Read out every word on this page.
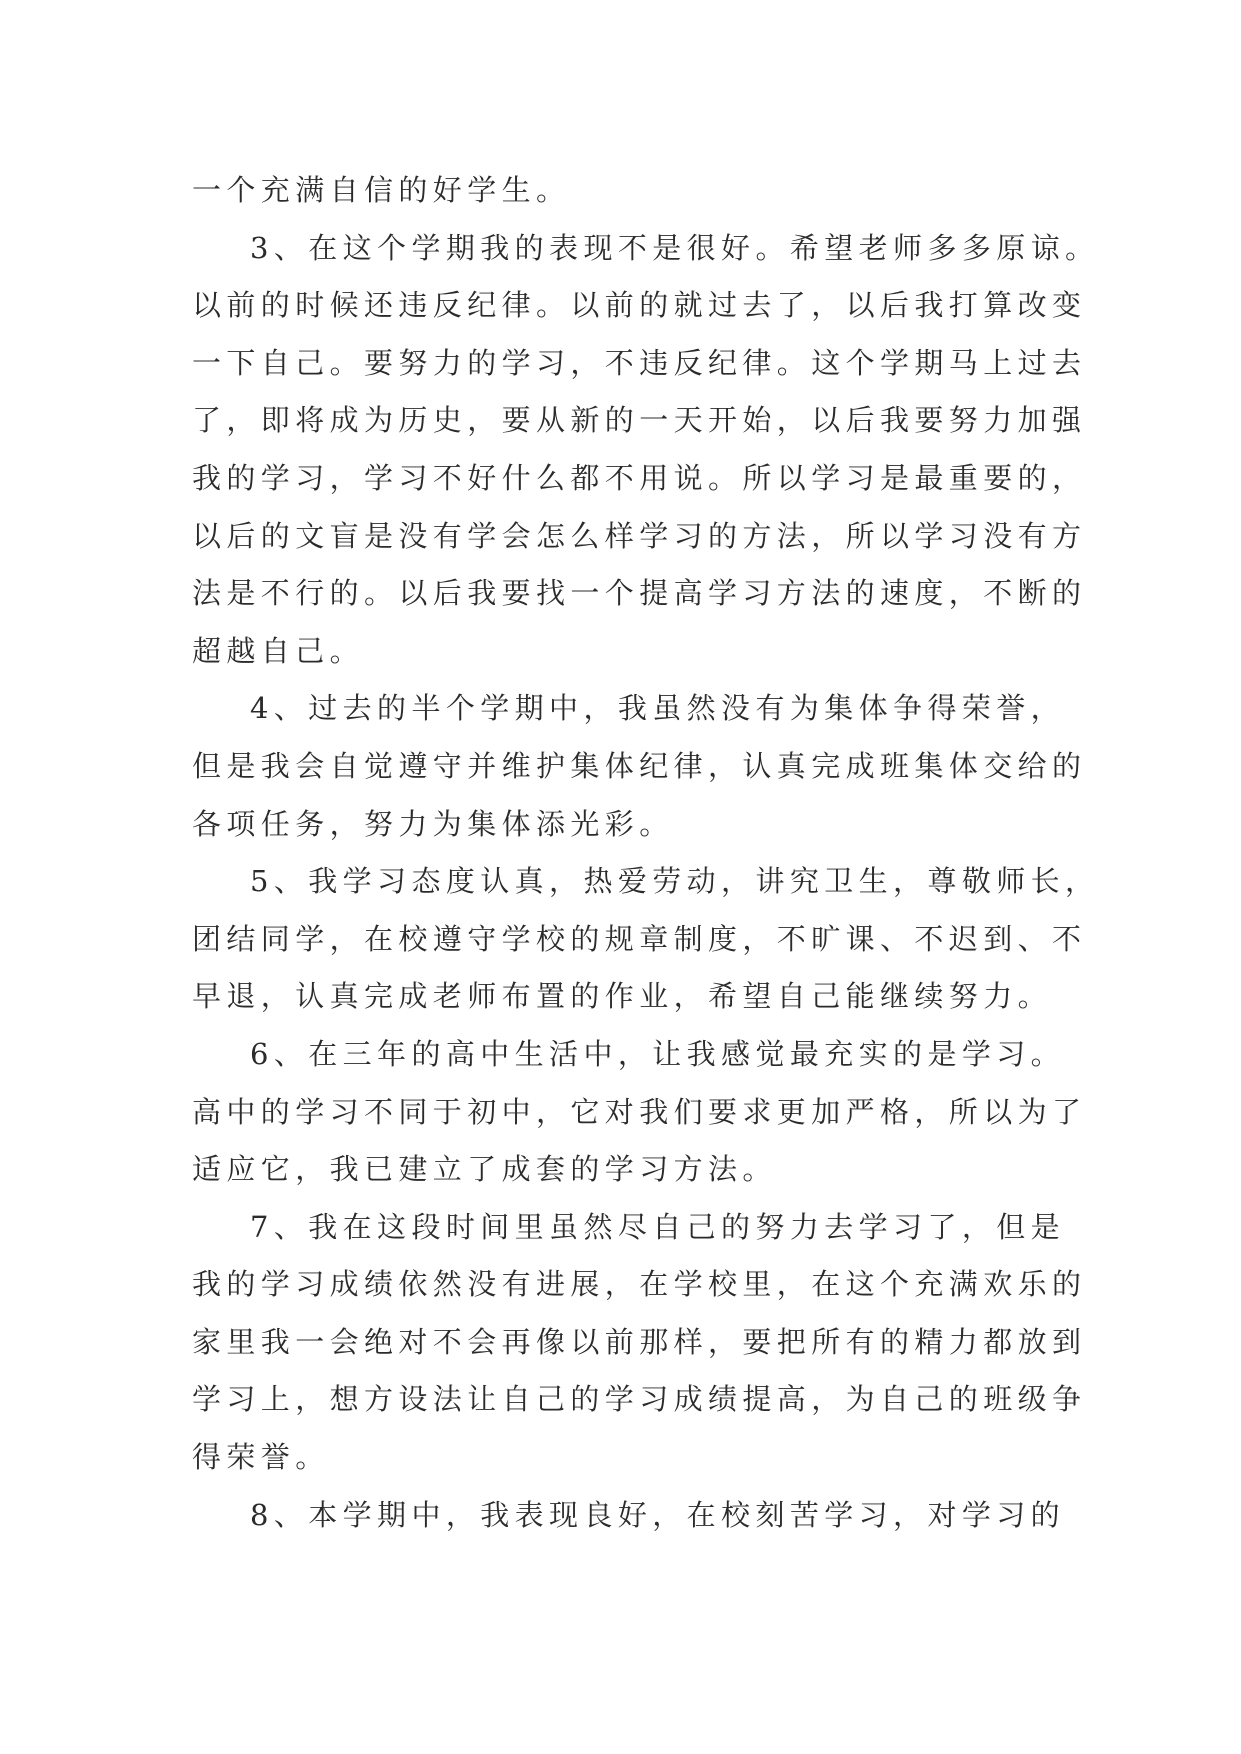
一个充满自信的好学生。
3、在这个学期我的表现不是很好。希望老师多多原谅。
以前的时候还违反纪律。以前的就过去了，以后我打算改变
一下自己。要努力的学习，不违反纪律。这个学期马上过去
了，即将成为历史，要从新的一天开始，以后我要努力加强
我的学习，学习不好什么都不用说。所以学习是最重要的，
以后的文盲是没有学会怎么样学习的方法，所以学习没有方
法是不行的。以后我要找一个提高学习方法的速度，不断的
超越自己。
4、过去的半个学期中，我虽然没有为集体争得荣誉，
但是我会自觉遵守并维护集体纪律，认真完成班集体交给的
各项任务，努力为集体添光彩。
5、我学习态度认真，热爱劳动，讲究卫生，尊敬师长，
团结同学，在校遵守学校的规章制度，不旷课、不迟到、不
早退，认真完成老师布置的作业，希望自己能继续努力。
6、在三年的高中生活中，让我感觉最充实的是学习。
高中的学习不同于初中，它对我们要求更加严格，所以为了
适应它，我已建立了成套的学习方法。
7、我在这段时间里虽然尽自己的努力去学习了，但是
我的学习成绩依然没有进展，在学校里，在这个充满欢乐的
家里我一会绝对不会再像以前那样，要把所有的精力都放到
学习上，想方设法让自己的学习成绩提高，为自己的班级争
得荣誉。
8、本学期中，我表现良好，在校刻苦学习，对学习的
